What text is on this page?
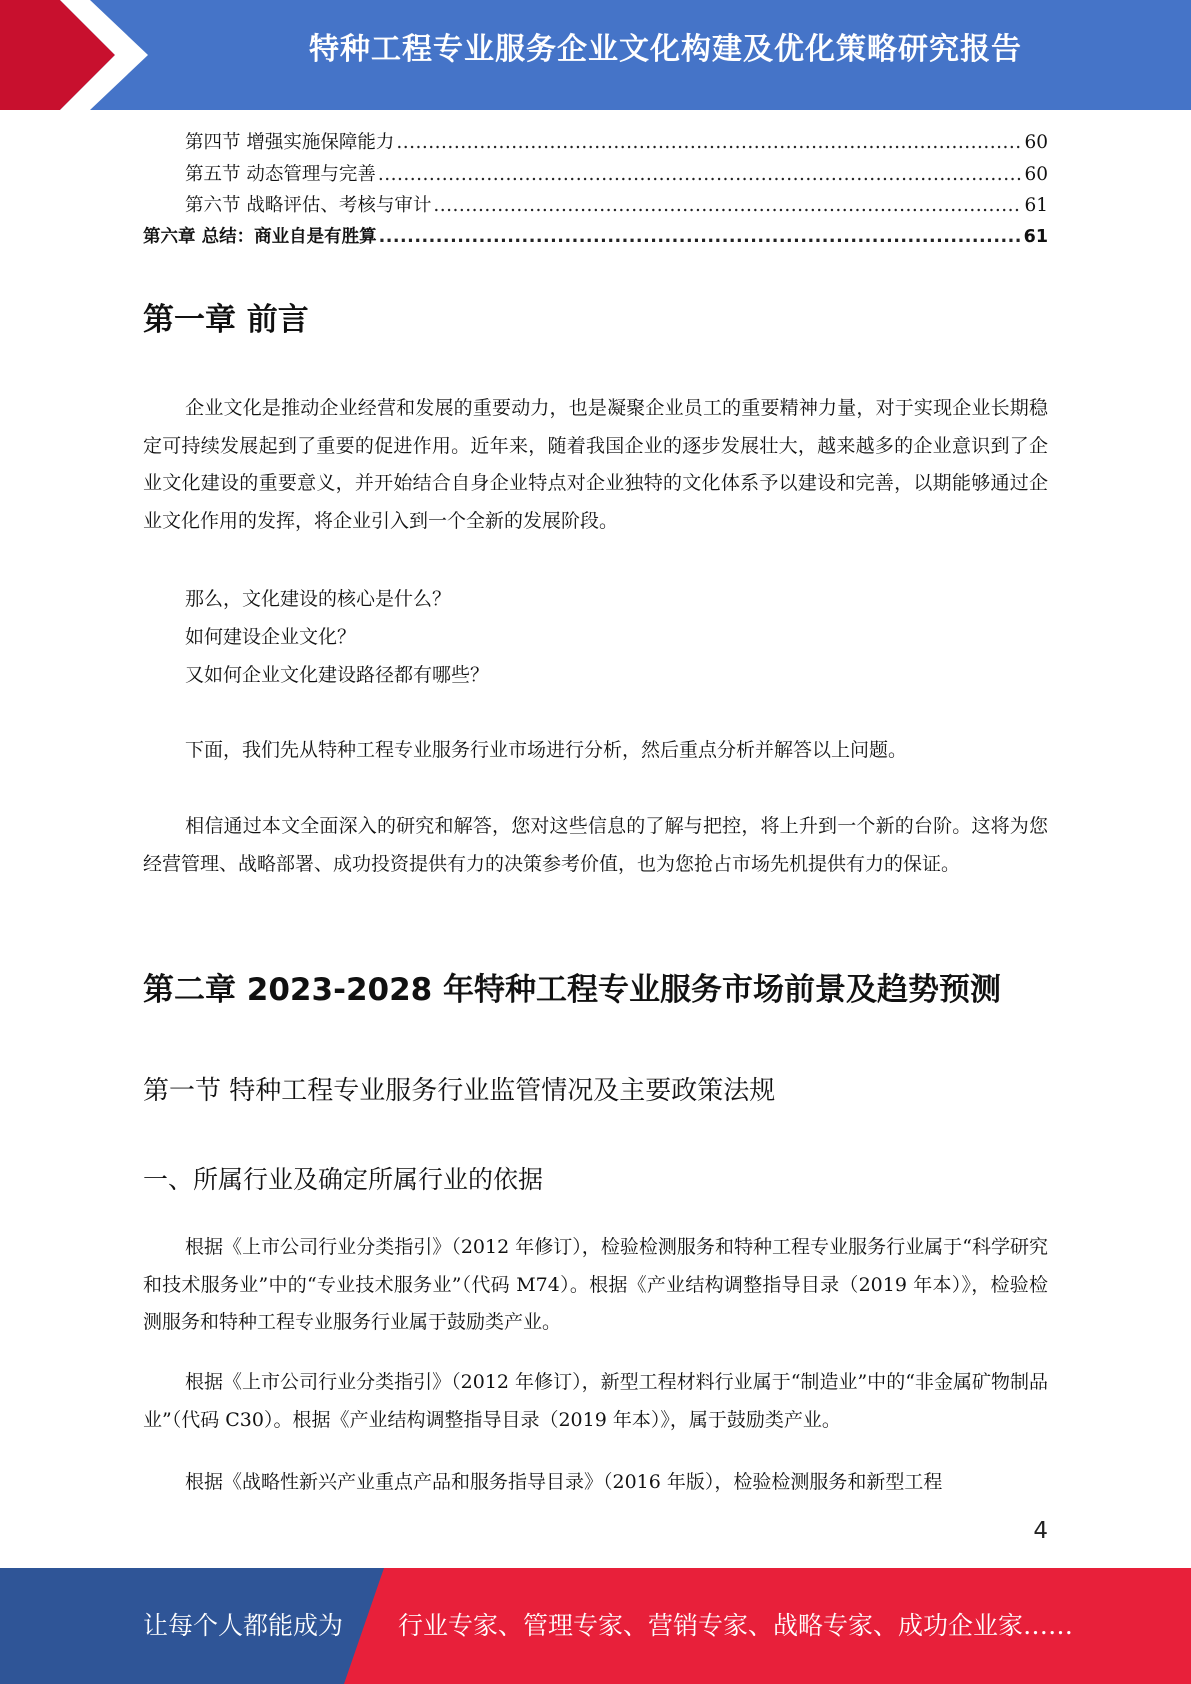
特种工程专业服务企业文化构建及优化策略研究报告
第四节 增强实施保障能力 .....	60
第五节 动态管理与完善 .....	60
第六节 战略评估、考核与审计 .....	61
第六章 总结：商业自是有胜算 .....	61
第一章 前言

企业文化是推动企业经营和发展的重要动力，也是凝聚企业员工的重要精神力量，对于实现企业长期稳定可持续发展起到了重要的促进作用。近年来，随着我国企业的逐步发展壮大，越来越多的企业意识到了企业文化建设的重要意义，并开始结合自身企业特点对企业独特的文化体系予以建设和完善，以期能够通过企业文化作用的发挥，将企业引入到一个全新的发展阶段。

那么，文化建设的核心是什么？
如何建设企业文化？
又如何企业文化建设路径都有哪些？

下面，我们先从特种工程专业服务行业市场进行分析，然后重点分析并解答以上问题。

相信通过本文全面深入的研究和解答，您对这些信息的了解与把控，将上升到一个新的台阶。这将为您经营管理、战略部署、成功投资提供有力的决策参考价值，也为您抢占市场先机提供有力的保证。

第二章 2023-2028 年特种工程专业服务市场前景及趋势预测
第一节 特种工程专业服务行业监管情况及主要政策法规
一、所属行业及确定所属行业的依据

根据《上市公司行业分类指引》（2012 年修订），检验检测服务和特种工程专业服务行业属于“科学研究和技术服务业”中的“专业技术服务业”（代码 M74）。根据《产业结构调整指导目录（2019 年本）》，检验检测服务和特种工程专业服务行业属于鼓励类产业。

根据《上市公司行业分类指引》（2012 年修订），新型工程材料行业属于“制造业”中的“非金属矿物制品业”（代码 C30）。根据《产业结构调整指导目录（2019 年本）》，属于鼓励类产业。

根据《战略性新兴产业重点产品和服务指导目录》（2016 年版），检验检测服务和新型工程

4
让每个人都能成为 行业专家、管理专家、营销专家、战略专家、成功企业家……
